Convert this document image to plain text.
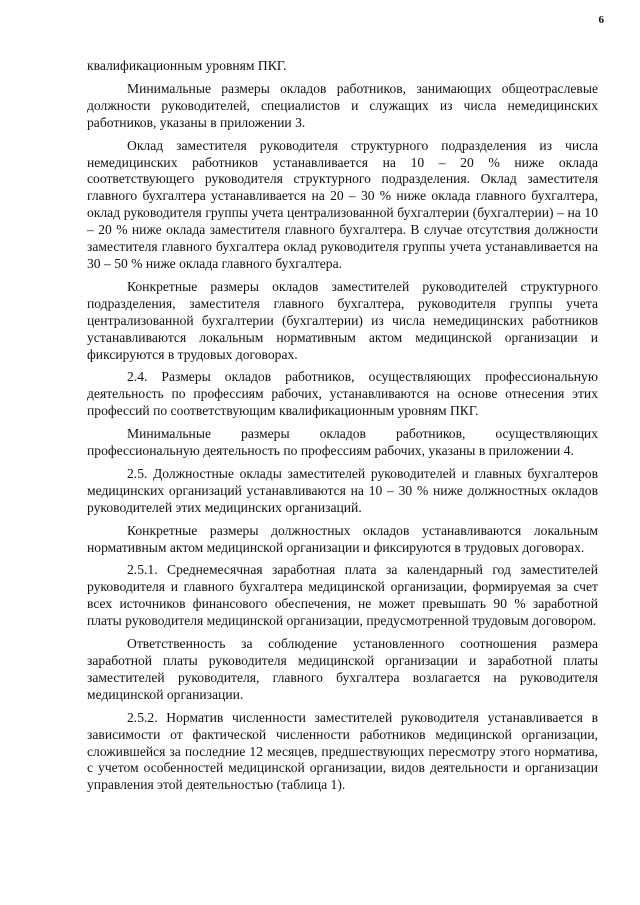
6

квалификационным уровням ПКГ.

Минимальные размеры окладов работников, занимающих общеотраслевые должности руководителей, специалистов и служащих из числа немедицинских работников, указаны в приложении 3.

Оклад заместителя руководителя структурного подразделения из числа немедицинских работников устанавливается на 10 – 20 % ниже оклада соответствующего руководителя структурного подразделения. Оклад заместителя главного бухгалтера устанавливается на 20 – 30 % ниже оклада главного бухгалтера, оклад руководителя группы учета централизованной бухгалтерии (бухгалтерии) – на 10 – 20 % ниже оклада заместителя главного бухгалтера. В случае отсутствия должности заместителя главного бухгалтера оклад руководителя группы учета устанавливается на 30 – 50 % ниже оклада главного бухгалтера.

Конкретные размеры окладов заместителей руководителей структурного подразделения, заместителя главного бухгалтера, руководителя группы учета централизованной бухгалтерии (бухгалтерии) из числа немедицинских работников устанавливаются локальным нормативным актом медицинской организации и фиксируются в трудовых договорах.

2.4. Размеры окладов работников, осуществляющих профессиональную деятельность по профессиям рабочих, устанавливаются на основе отнесения этих профессий по соответствующим квалификационным уровням ПКГ.

Минимальные размеры окладов работников, осуществляющих профессиональную деятельность по профессиям рабочих, указаны в приложении 4.

2.5. Должностные оклады заместителей руководителей и главных бухгалтеров медицинских организаций устанавливаются на 10 – 30 % ниже должностных окладов руководителей этих медицинских организаций.

Конкретные размеры должностных окладов устанавливаются локальным нормативным актом медицинской организации и фиксируются в трудовых договорах.

2.5.1. Среднемесячная заработная плата за календарный год заместителей руководителя и главного бухгалтера медицинской организации, формируемая за счет всех источников финансового обеспечения, не может превышать 90 % заработной платы руководителя медицинской организации, предусмотренной трудовым договором.

Ответственность за соблюдение установленного соотношения размера заработной платы руководителя медицинской организации и заработной платы заместителей руководителя, главного бухгалтера возлагается на руководителя медицинской организации.

2.5.2. Норматив численности заместителей руководителя устанавливается в зависимости от фактической численности работников медицинской организации, сложившейся за последние 12 месяцев, предшествующих пересмотру этого норматива, с учетом особенностей медицинской организации, видов деятельности и организации управления этой деятельностью (таблица 1).
